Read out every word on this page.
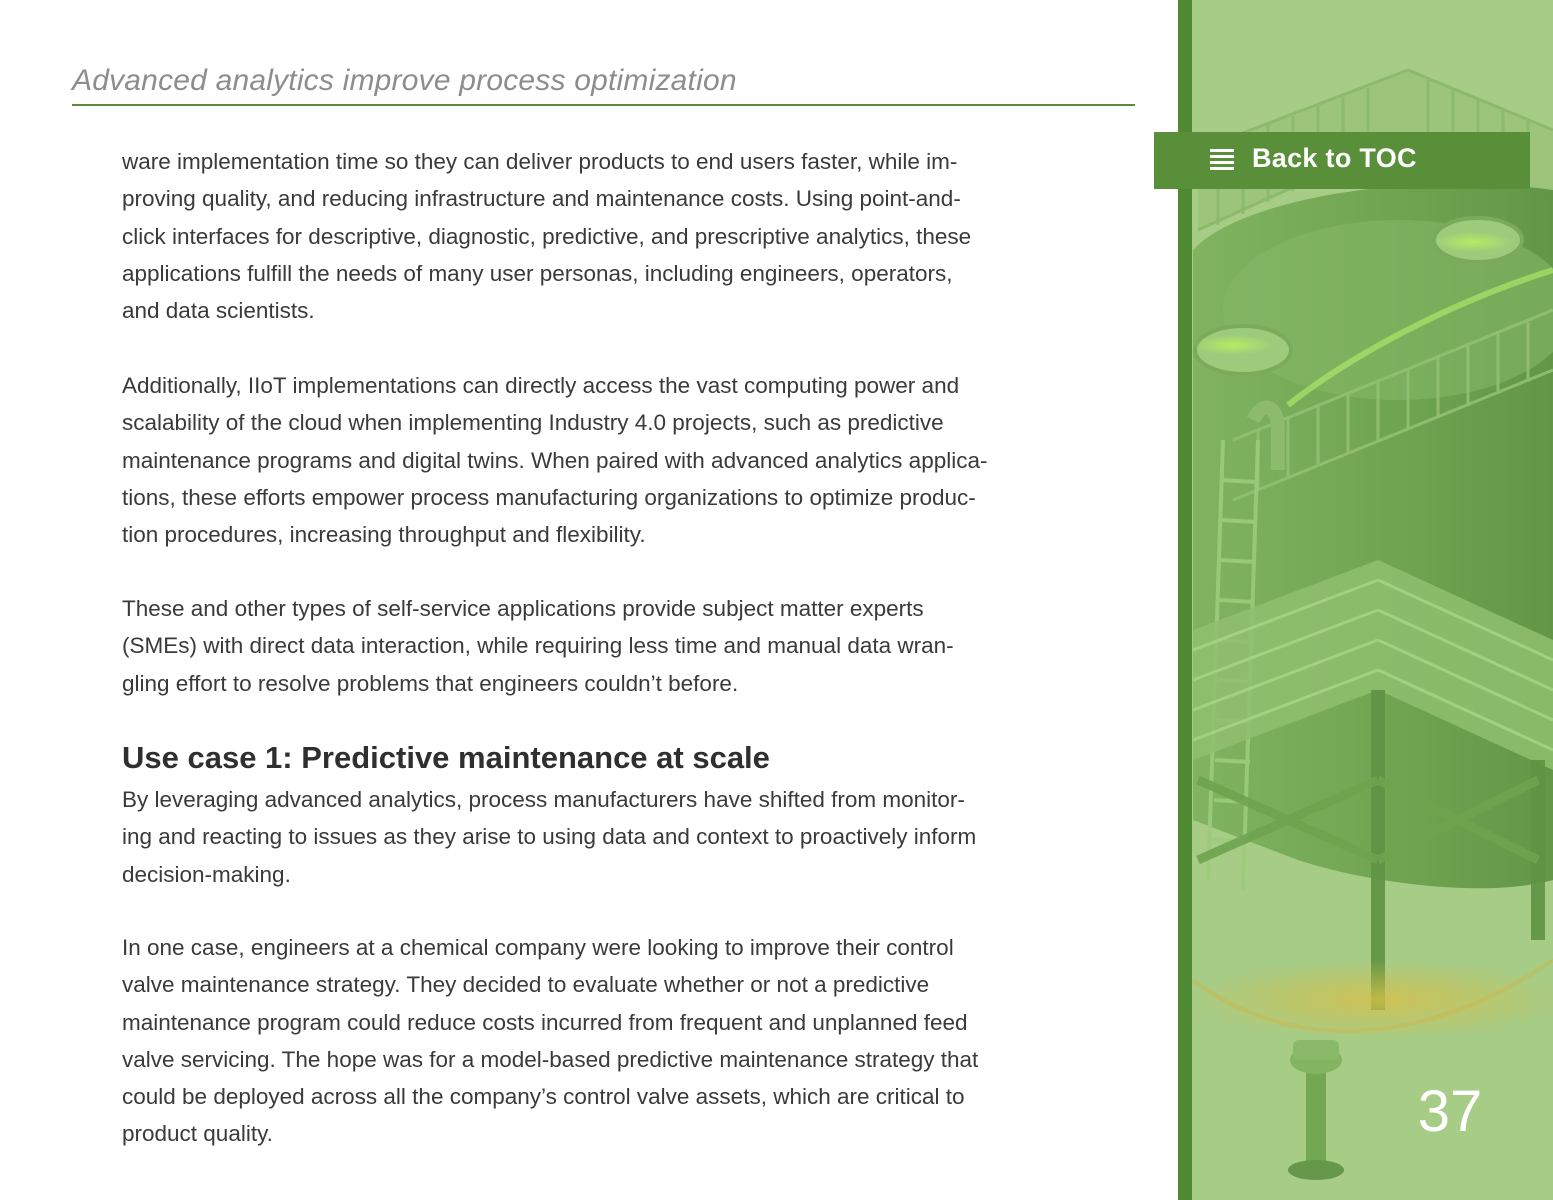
Advanced analytics improve process optimization

ware implementation time so they can deliver products to end users faster, while im-
proving quality, and reducing infrastructure and maintenance costs. Using point-and-
click interfaces for descriptive, diagnostic, predictive, and prescriptive analytics, these
applications fulfill the needs of many user personas, including engineers, operators,
and data scientists.

Additionally, IIoT implementations can directly access the vast computing power and
scalability of the cloud when implementing Industry 4.0 projects, such as predictive
maintenance programs and digital twins. When paired with advanced analytics applica-
tions, these efforts empower process manufacturing organizations to optimize produc-
tion procedures, increasing throughput and flexibility.

These and other types of self-service applications provide subject matter experts
(SMEs) with direct data interaction, while requiring less time and manual data wran-
gling effort to resolve problems that engineers couldn’t before.

Use case 1: Predictive maintenance at scale

By leveraging advanced analytics, process manufacturers have shifted from monitor-
ing and reacting to issues as they arise to using data and context to proactively inform
decision-making.

In one case, engineers at a chemical company were looking to improve their control
valve maintenance strategy. They decided to evaluate whether or not a predictive
maintenance program could reduce costs incurred from frequent and unplanned feed
valve servicing. The hope was for a model-based predictive maintenance strategy that
could be deployed across all the company’s control valve assets, which are critical to
product quality.

Back to TOC
37
